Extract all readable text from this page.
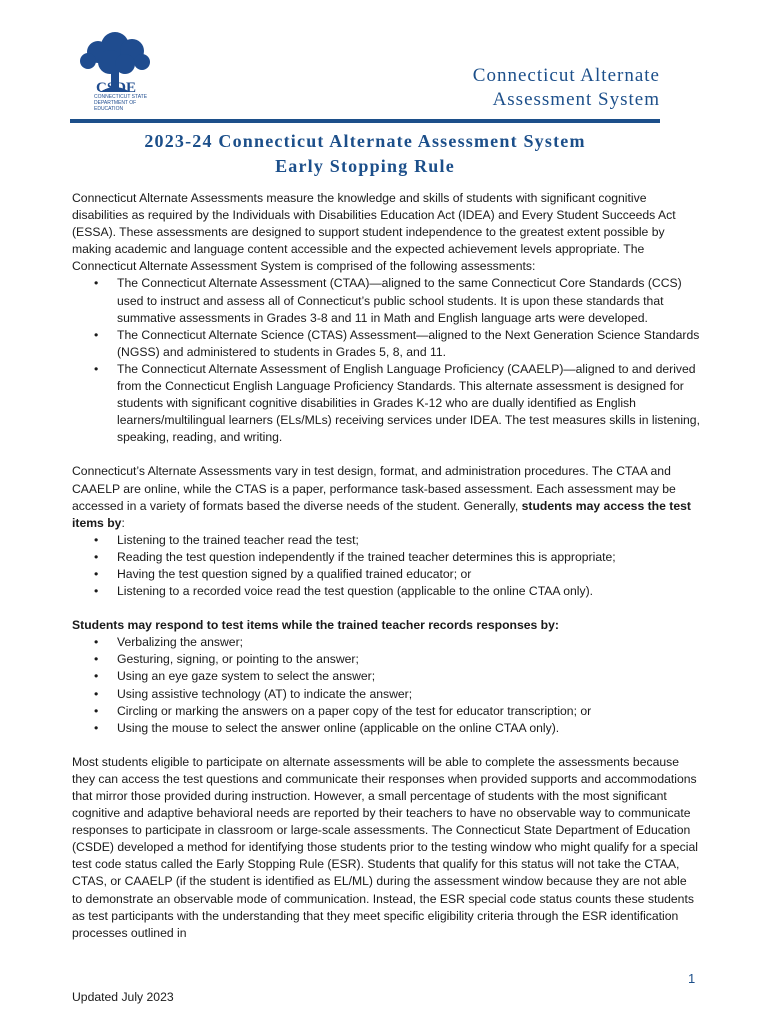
CSDE
CONNECTICUT STATE DEPARTMENT OF EDUCATION
Connecticut Alternate
Assessment System
2023-24 Connecticut Alternate Assessment System
Early Stopping Rule

Connecticut Alternate Assessments measure the knowledge and skills of students with significant cognitive disabilities as required by the Individuals with Disabilities Education Act (IDEA) and Every Student Succeeds Act (ESSA). These assessments are designed to support student independence to the greatest extent possible by making academic and language content accessible and the expected achievement levels appropriate. The Connecticut Alternate Assessment System is comprised of the following assessments:

• The Connecticut Alternate Assessment (CTAA)—aligned to the same Connecticut Core Standards (CCS) used to instruct and assess all of Connecticut’s public school students. It is upon these standards that summative assessments in Grades 3-8 and 11 in Math and English language arts were developed.
• The Connecticut Alternate Science (CTAS) Assessment—aligned to the Next Generation Science Standards (NGSS) and administered to students in Grades 5, 8, and 11.
• The Connecticut Alternate Assessment of English Language Proficiency (CAAELP)—aligned to and derived from the Connecticut English Language Proficiency Standards. This alternate assessment is designed for students with significant cognitive disabilities in Grades K-12 who are dually identified as English learners/multilingual learners (ELs/MLs) receiving services under IDEA. The test measures skills in listening, speaking, reading, and writing.

Connecticut’s Alternate Assessments vary in test design, format, and administration procedures. The CTAA and CAAELP are online, while the CTAS is a paper, performance task-based assessment. Each assessment may be accessed in a variety of formats based the diverse needs of the student. Generally, students may access the test items by:

• Listening to the trained teacher read the test;
• Reading the test question independently if the trained teacher determines this is appropriate;
• Having the test question signed by a qualified trained educator; or
• Listening to a recorded voice read the test question (applicable to the online CTAA only).

Students may respond to test items while the trained teacher records responses by:

• Verbalizing the answer;
• Gesturing, signing, or pointing to the answer;
• Using an eye gaze system to select the answer;
• Using assistive technology (AT) to indicate the answer;
• Circling or marking the answers on a paper copy of the test for educator transcription; or
• Using the mouse to select the answer online (applicable on the online CTAA only).

Most students eligible to participate on alternate assessments will be able to complete the assessments because they can access the test questions and communicate their responses when provided supports and accommodations that mirror those provided during instruction. However, a small percentage of students with the most significant cognitive and adaptive behavioral needs are reported by their teachers to have no observable way to communicate responses to participate in classroom or large-scale assessments. The Connecticut State Department of Education (CSDE) developed a method for identifying those students prior to the testing window who might qualify for a special test code status called the Early Stopping Rule (ESR). Students that qualify for this status will not take the CTAA, CTAS, or CAAELP (if the student is identified as EL/ML) during the assessment window because they are not able to demonstrate an observable mode of communication. Instead, the ESR special code status counts these students as test participants with the understanding that they meet specific eligibility criteria through the ESR identification processes outlined in

1
Updated July 2023
